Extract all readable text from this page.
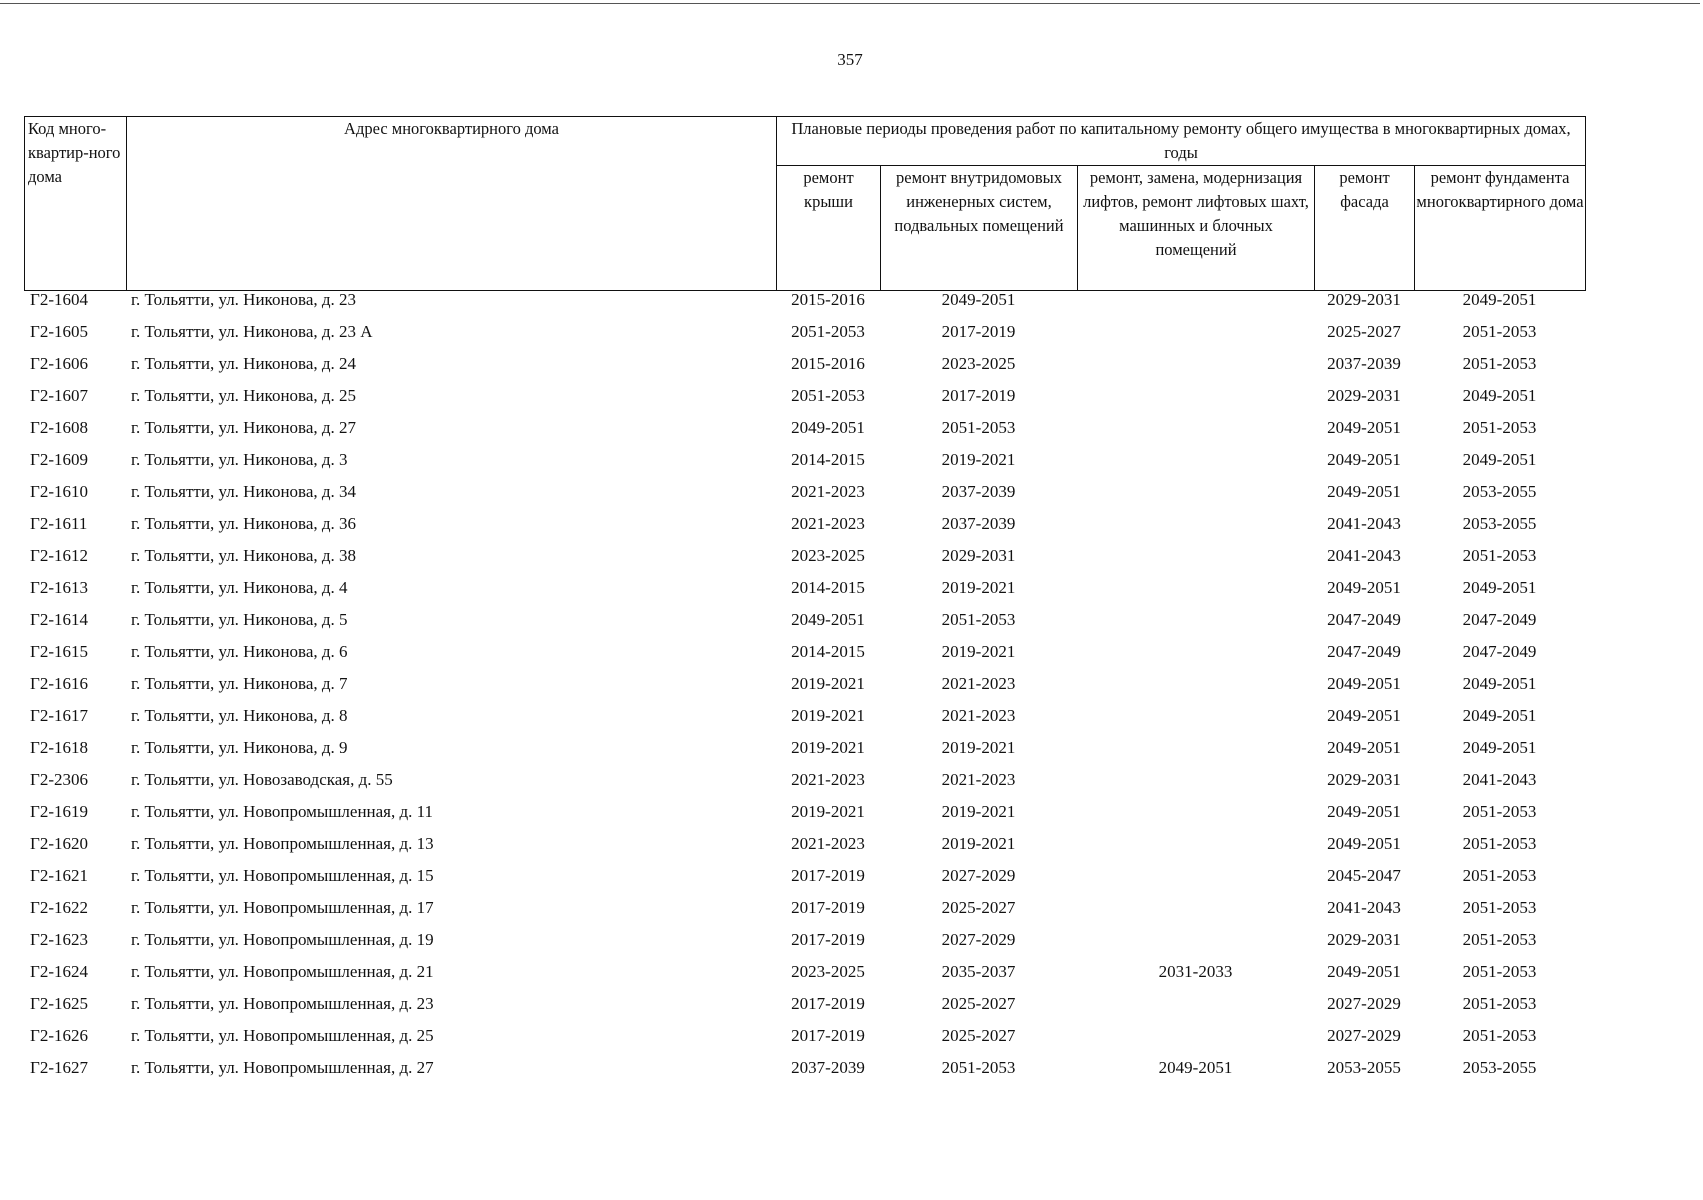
357
Код много-квартир-ного дома	Адрес многоквартирного дома	Плановые периоды проведения работ по капитальному ремонту общего имущества в многоквартирных домах, годы				
		ремонт крыши	ремонт внутридомовых инженерных систем, подвальных помещений	ремонт, замена, модернизация лифтов, ремонт лифтовых шахт, машинных и блочных помещений	ремонт фасада	ремонт фундамента многоквартирного дома
Г2-1604	г. Тольятти, ул. Никонова, д. 23	2015-2016	2049-2051		2029-2031	2049-2051
Г2-1605	г. Тольятти, ул. Никонова, д. 23 А	2051-2053	2017-2019		2025-2027	2051-2053
Г2-1606	г. Тольятти, ул. Никонова, д. 24	2015-2016	2023-2025		2037-2039	2051-2053
Г2-1607	г. Тольятти, ул. Никонова, д. 25	2051-2053	2017-2019		2029-2031	2049-2051
Г2-1608	г. Тольятти, ул. Никонова, д. 27	2049-2051	2051-2053		2049-2051	2051-2053
Г2-1609	г. Тольятти, ул. Никонова, д. 3	2014-2015	2019-2021		2049-2051	2049-2051
Г2-1610	г. Тольятти, ул. Никонова, д. 34	2021-2023	2037-2039		2049-2051	2053-2055
Г2-1611	г. Тольятти, ул. Никонова, д. 36	2021-2023	2037-2039		2041-2043	2053-2055
Г2-1612	г. Тольятти, ул. Никонова, д. 38	2023-2025	2029-2031		2041-2043	2051-2053
Г2-1613	г. Тольятти, ул. Никонова, д. 4	2014-2015	2019-2021		2049-2051	2049-2051
Г2-1614	г. Тольятти, ул. Никонова, д. 5	2049-2051	2051-2053		2047-2049	2047-2049
Г2-1615	г. Тольятти, ул. Никонова, д. 6	2014-2015	2019-2021		2047-2049	2047-2049
Г2-1616	г. Тольятти, ул. Никонова, д. 7	2019-2021	2021-2023		2049-2051	2049-2051
Г2-1617	г. Тольятти, ул. Никонова, д. 8	2019-2021	2021-2023		2049-2051	2049-2051
Г2-1618	г. Тольятти, ул. Никонова, д. 9	2019-2021	2019-2021		2049-2051	2049-2051
Г2-2306	г. Тольятти, ул. Новозаводская, д. 55	2021-2023	2021-2023		2029-2031	2041-2043
Г2-1619	г. Тольятти, ул. Новопромышленная, д. 11	2019-2021	2019-2021		2049-2051	2051-2053
Г2-1620	г. Тольятти, ул. Новопромышленная, д. 13	2021-2023	2019-2021		2049-2051	2051-2053
Г2-1621	г. Тольятти, ул. Новопромышленная, д. 15	2017-2019	2027-2029		2045-2047	2051-2053
Г2-1622	г. Тольятти, ул. Новопромышленная, д. 17	2017-2019	2025-2027		2041-2043	2051-2053
Г2-1623	г. Тольятти, ул. Новопромышленная, д. 19	2017-2019	2027-2029		2029-2031	2051-2053
Г2-1624	г. Тольятти, ул. Новопромышленная, д. 21	2023-2025	2035-2037	2031-2033	2049-2051	2051-2053
Г2-1625	г. Тольятти, ул. Новопромышленная, д. 23	2017-2019	2025-2027		2027-2029	2051-2053
Г2-1626	г. Тольятти, ул. Новопромышленная, д. 25	2017-2019	2025-2027		2027-2029	2051-2053
Г2-1627	г. Тольятти, ул. Новопромышленная, д. 27	2037-2039	2051-2053	2049-2051	2053-2055	2053-2055
